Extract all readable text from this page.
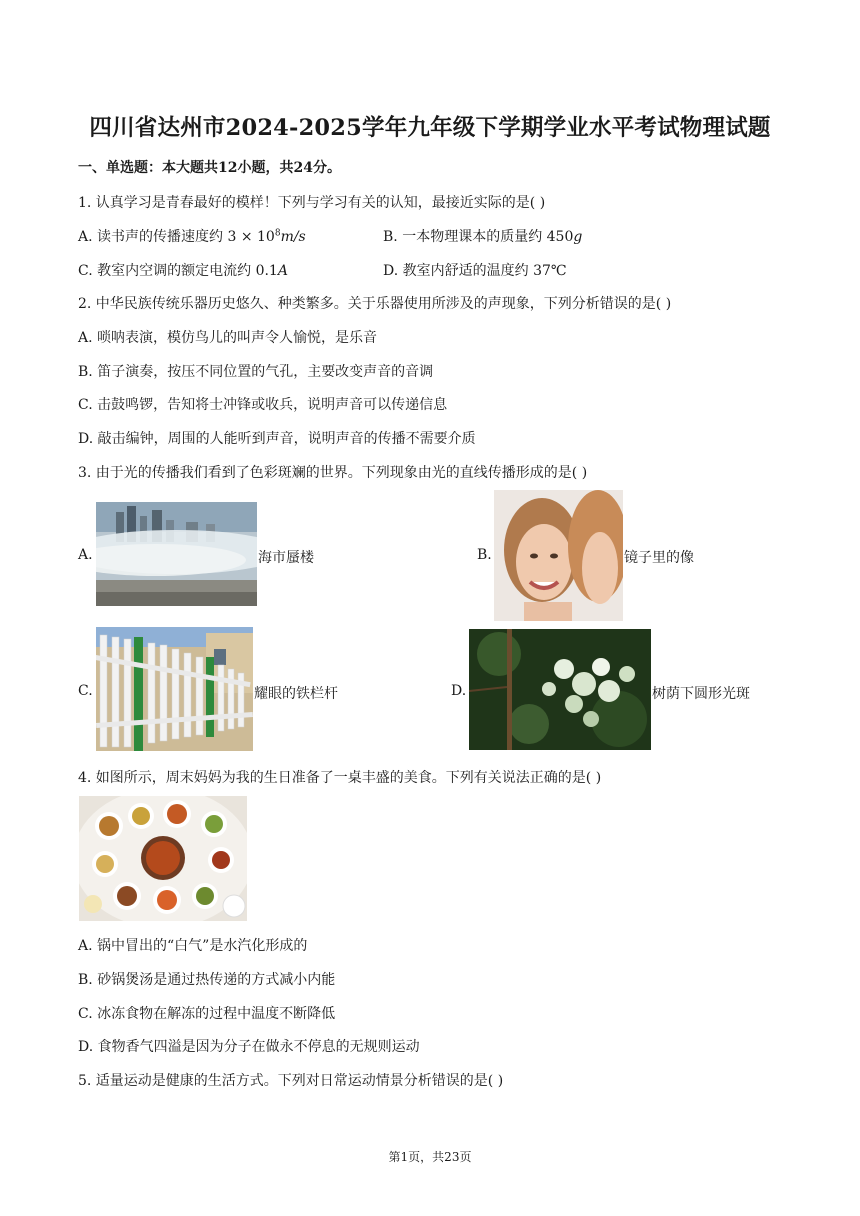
四川省达州市2024-2025学年九年级下学期学业水平考试物理试题
一、单选题：本大题共12小题，共24分。
1. 认真学习是青春最好的模样！下列与学习有关的认知，最接近实际的是( )
A. 读书声的传播速度约 $3 \times 10^8m/s$	B. 一本物理课本的质量约 450g
C. 教室内空调的额定电流约 0.1A	D. 教室内舒适的温度约 37℃
2. 中华民族传统乐器历史悠久、种类繁多。关于乐器使用所涉及的声现象，下列分析错误的是( )
A. 唢呐表演，模仿鸟儿的叫声令人愉悦，是乐音
B. 笛子演奏，按压不同位置的气孔，主要改变声音的音调
C. 击鼓鸣锣，告知将士冲锋或收兵，说明声音可以传递信息
D. 敲击编钟，周围的人能听到声音，说明声音的传播不需要介质
3. 由于光的传播我们看到了色彩斑斓的世界。下列现象由光的直线传播形成的是( )
A.	海市蜃楼	B.	镜子里的像
C.	耀眼的铁栏杆	D.	树荫下圆形光斑
4. 如图所示，周末妈妈为我的生日准备了一桌丰盛的美食。下列有关说法正确的是( )
A. 锅中冒出的“白气”是水汽化形成的
B. 砂锅煲汤是通过热传递的方式减小内能
C. 冰冻食物在解冻的过程中温度不断降低
D. 食物香气四溢是因为分子在做永不停息的无规则运动
5. 适量运动是健康的生活方式。下列对日常运动情景分析错误的是( )
第1页，共23页
